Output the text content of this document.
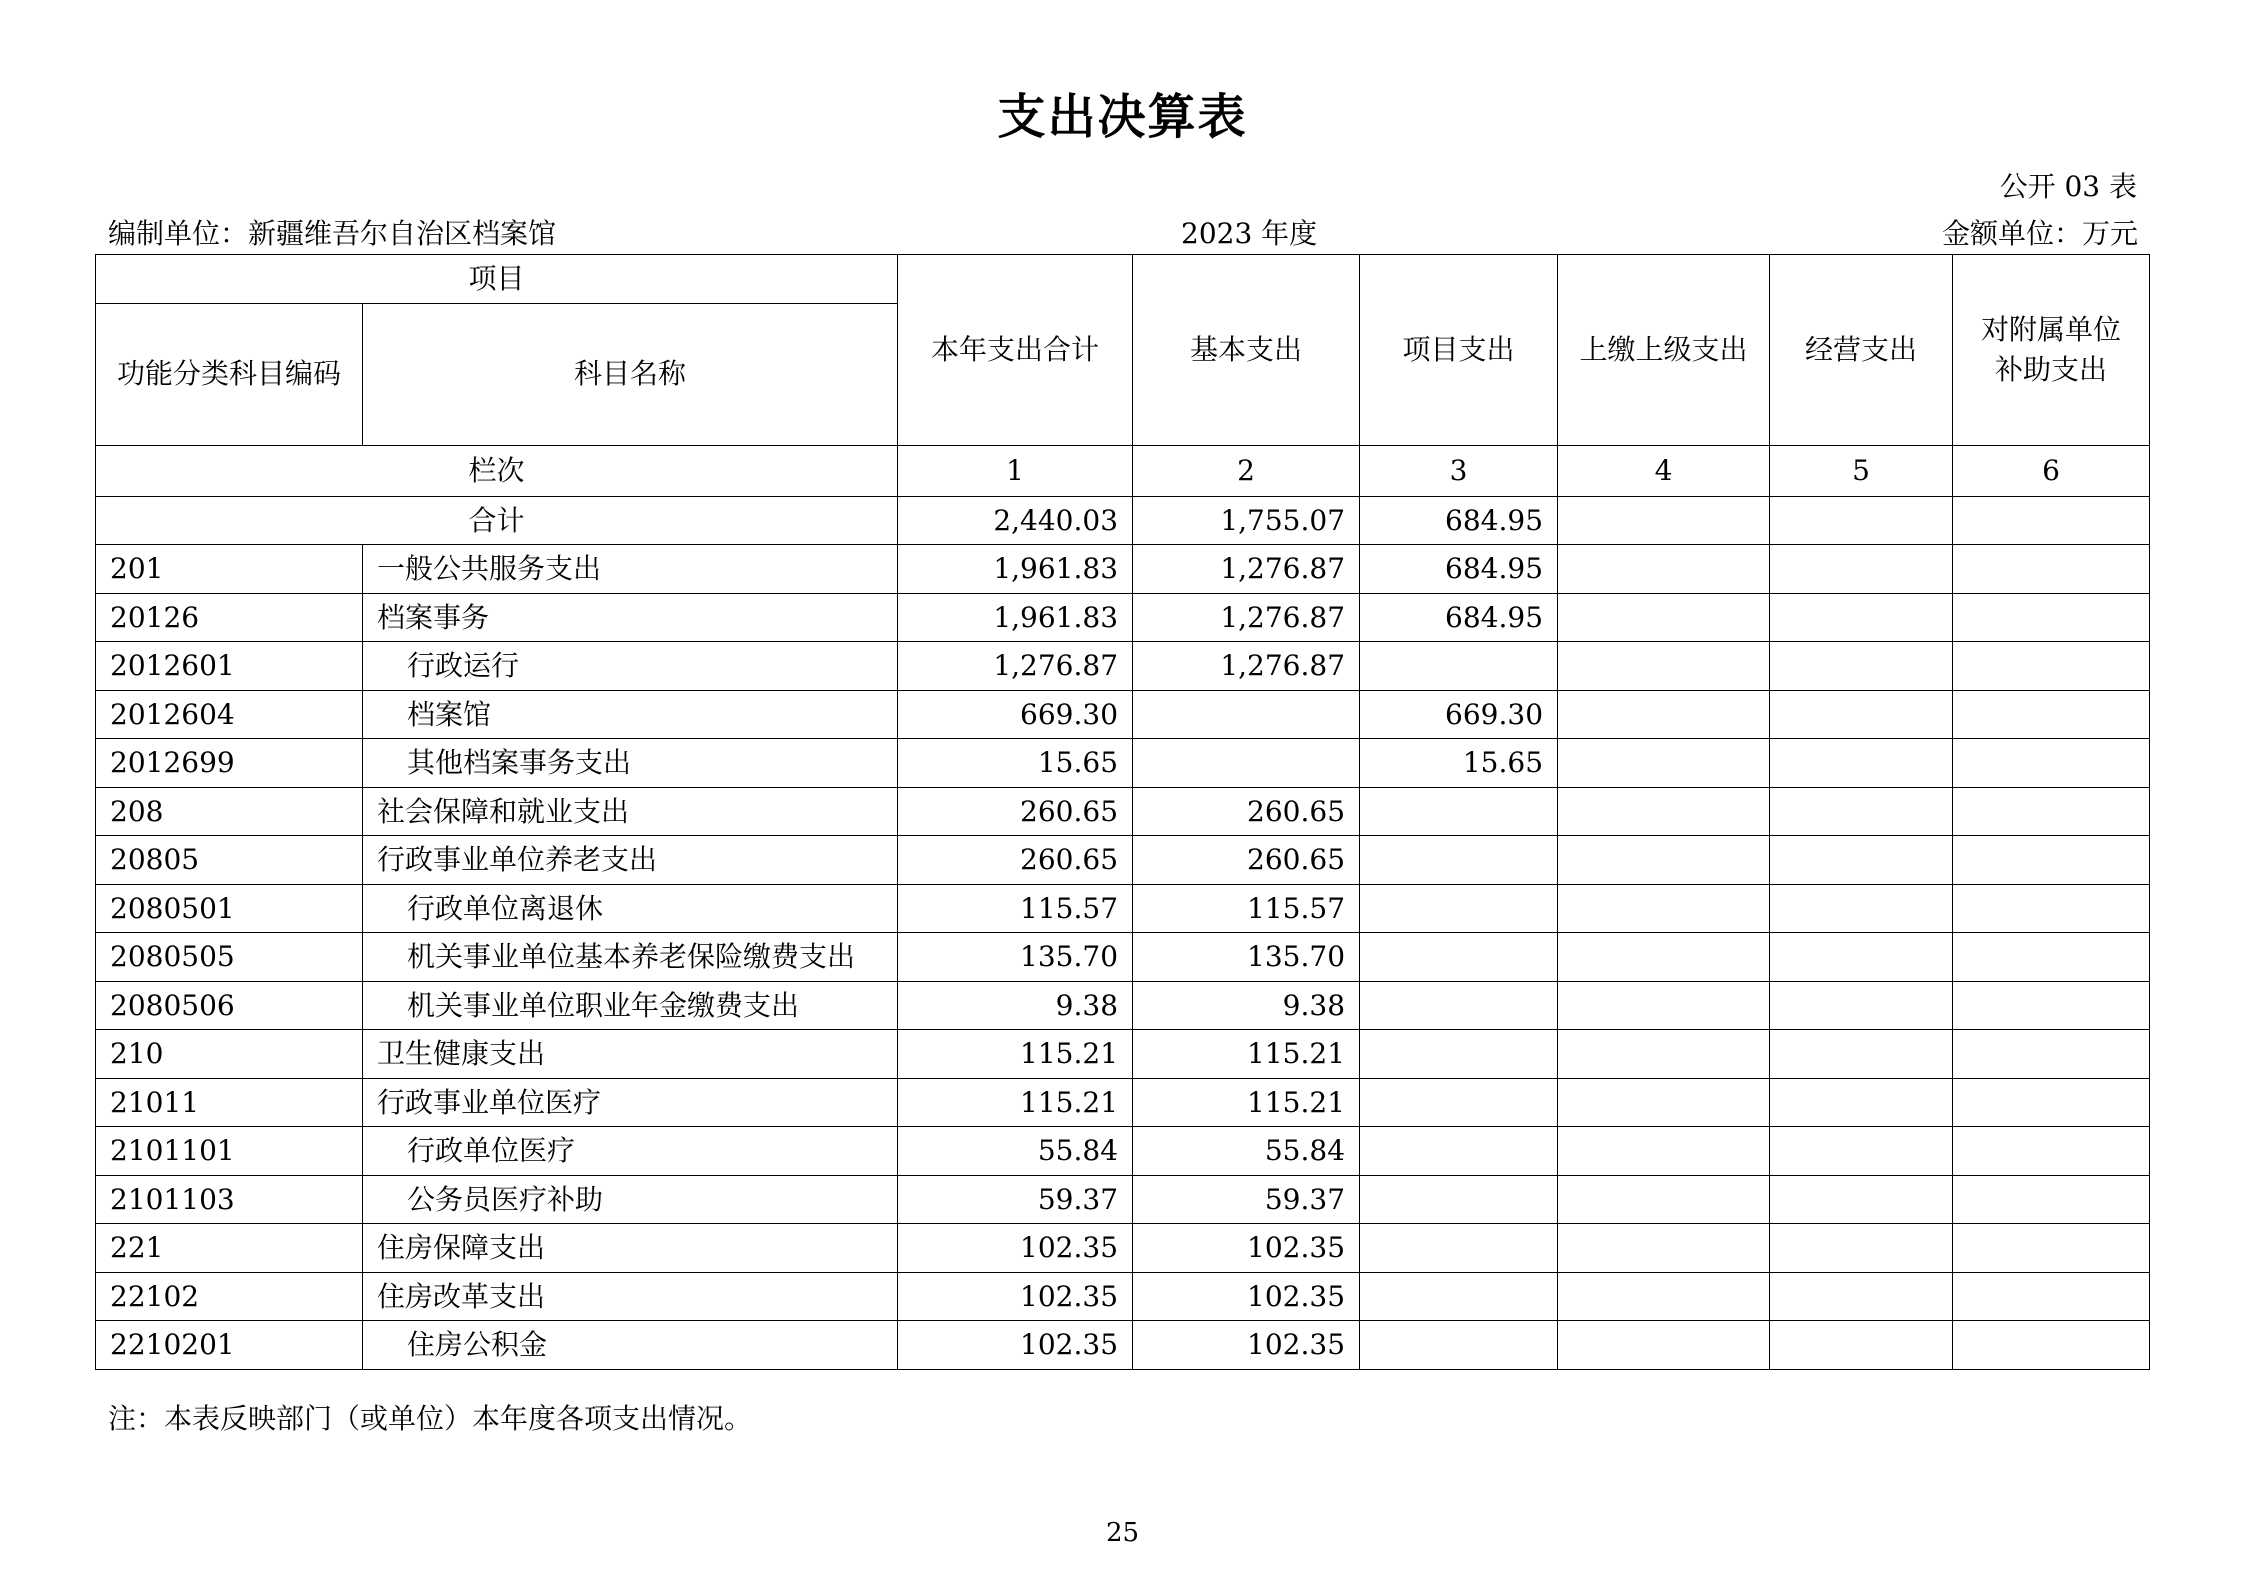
支出决算表
公开 03 表
编制单位：新疆维吾尔自治区档案馆	2023 年度	金额单位：万元
项目		本年支出合计	基本支出	项目支出	上缴上级支出	经营支出	对附属单位
补助支出
功能分类科目编码	科目名称						
栏次		1	2	3	4	5	6
合计		2,440.03	1,755.07	684.95			
201	一般公共服务支出	1,961.83	1,276.87	684.95			
20126	档案事务	1,961.83	1,276.87	684.95			
2012601	行政运行	1,276.87	1,276.87				
2012604	档案馆	669.30		669.30			
2012699	其他档案事务支出	15.65		15.65			
208	社会保障和就业支出	260.65	260.65				
20805	行政事业单位养老支出	260.65	260.65				
2080501	行政单位离退休	115.57	115.57				
2080505	机关事业单位基本养老保险缴费支出	135.70	135.70				
2080506	机关事业单位职业年金缴费支出	9.38	9.38				
210	卫生健康支出	115.21	115.21				
21011	行政事业单位医疗	115.21	115.21				
2101101	行政单位医疗	55.84	55.84				
2101103	公务员医疗补助	59.37	59.37				
221	住房保障支出	102.35	102.35				
22102	住房改革支出	102.35	102.35				
2210201	住房公积金	102.35	102.35				
注：本表反映部门（或单位）本年度各项支出情况。
25
